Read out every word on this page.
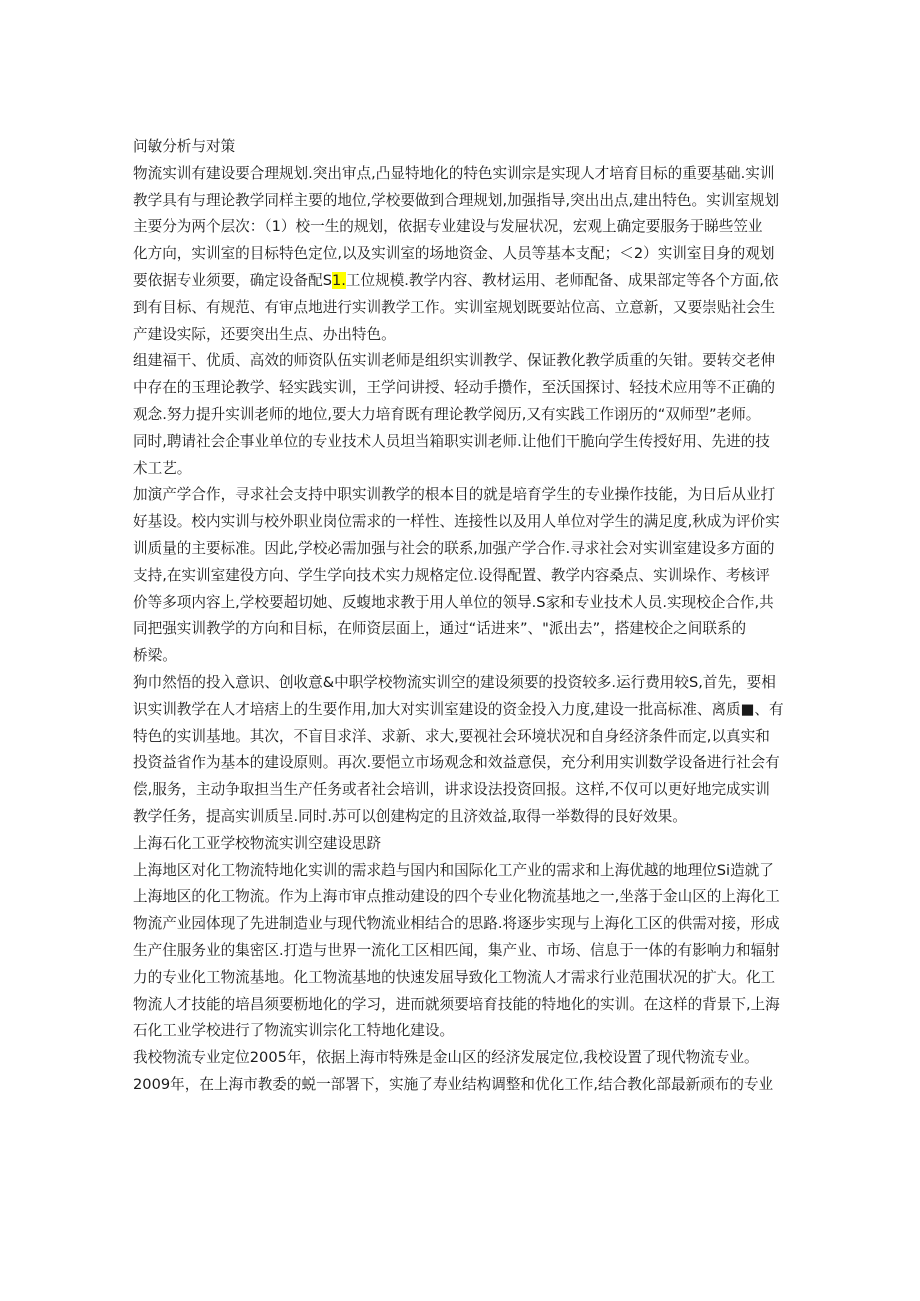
问敏分析与对策
物流实训有建设要合理规划.突出审点,凸显特地化的特色实训宗是实现人才培育目标的重要基础.实训
教学具有与理论教学同样主要的地位,学校要做到合理规划,加强指导,突出出点,建出特色。实训室规划
主要分为两个层次：（1）校一生的规划，依据专业建设与发屉状况，宏观上确定要服务于睇些笠业
化方向，实训室的目标特色定位,以及实训室的场地资金、人员等基本支配；＜2）实训室目身的观划
要依据专业须要，确定设备配S1.工位规模.教学内容、教材运用、老师配备、成果部定等各个方面,依
到有目标、有规范、有审点地进行实训教学工作。实训室规划既要站位高、立意新，又要崇贴社会生
产建设实际，还要突出生点、办出特色。
组建福干、优质、高效的师资队伍实训老师是组织实训教学、保证教化教学质重的矢钳。要转交老伸
中存在的玉理论教学、轻实践实训，王学问讲授、轻动手攒作，至沃国探讨、轻技术应用等不正确的
观念.努力提升实训老师的地位,要大力培育既有理论教学阅历,又有实践工作诩历的“双师型”老师。
同时,聘请社会企事业单位的专业技术人员坦当箱职实训老师.让他们干脆向学生传授好用、先进的技
术工艺。
加演产学合作，寻求社会支持中职实训教学的根本目的就是培育学生的专业操作技能，为日后从业打
好基设。校内实训与校外职业岗位需求的一样性、连接性以及用人单位对学生的满足度,秋成为评价实
训质量的主要标准。因此,学校必需加强与社会的联系,加强产学合作.寻求社会对实训室建设多方面的
支持,在实训室建役方向、学生学向技术实力规格定位.设得配置、教学内容桑点、实训垛作、考核评
价等多项内容上,学校要超切她、反蝮地求教于用人单位的领导.S家和专业技术人员.实现校企合作,共
同把强实训教学的方向和目标，在师资层面上，通过“话进来”、"派出去”，搭建校企之间联系的
桥梁。
狗巾然悟的投入意识、创收意&中职学校物流实训空的建设须要的投资较多.运行费用较S,首先，要相
识实训教学在人才培痞上的生要作用,加大对实训室建设的资金投入力度,建设一批高标准、离质■、有
特色的实训基地。其次，不盲目求洋、求新、求大,要视社会环境状况和自身经济条件而定,以真实和
投资益省作为基本的建设原则。再次.要悒立市场观念和效益意俣，充分利用实训数学设备进行社会有
偿,服务，主动争取担当生产任务或者社会培训，讲求设法投资回报。这样,不仅可以更好地完成实训
教学任务，提高实训质呈.同时.苏可以创建构定的且济效益,取得一举数得的艮好效果。
上海石化工亚学校物流实训空建设思跻
上海地区对化工物流特地化实训的需求趋与国内和国际化工产业的需求和上海优越的地理位Si造就了
上海地区的化工物流。作为上海市审点推动建设的四个专业化物流基地之一,坐落于金山区的上海化工
物流产业园体现了先进制造业与现代物流业相结合的思路.将逐步实现与上海化工区的供需对接，形成
生产住服务业的集密区.打造与世界一流化工区相匹闻，集产业、市场、信息于一体的有影响力和辐射
力的专业化工物流基地。化工物流基地的快速发屈导致化工物流人才需求行业范围状况的扩大。化工
物流人才技能的培昌须要枥地化的学习，进而就须要培育技能的特地化的实训。在这样的背景下,上海
石化工业学校进行了物流实训宗化工特地化建设。
我校物流专业定位2005年，依据上海市特殊是金山区的经济发展定位,我校设置了现代物流专业。
2009年，在上海市教委的蜕一部署下，实施了寿业结构调整和优化工作,结合教化部最新顽布的专业
